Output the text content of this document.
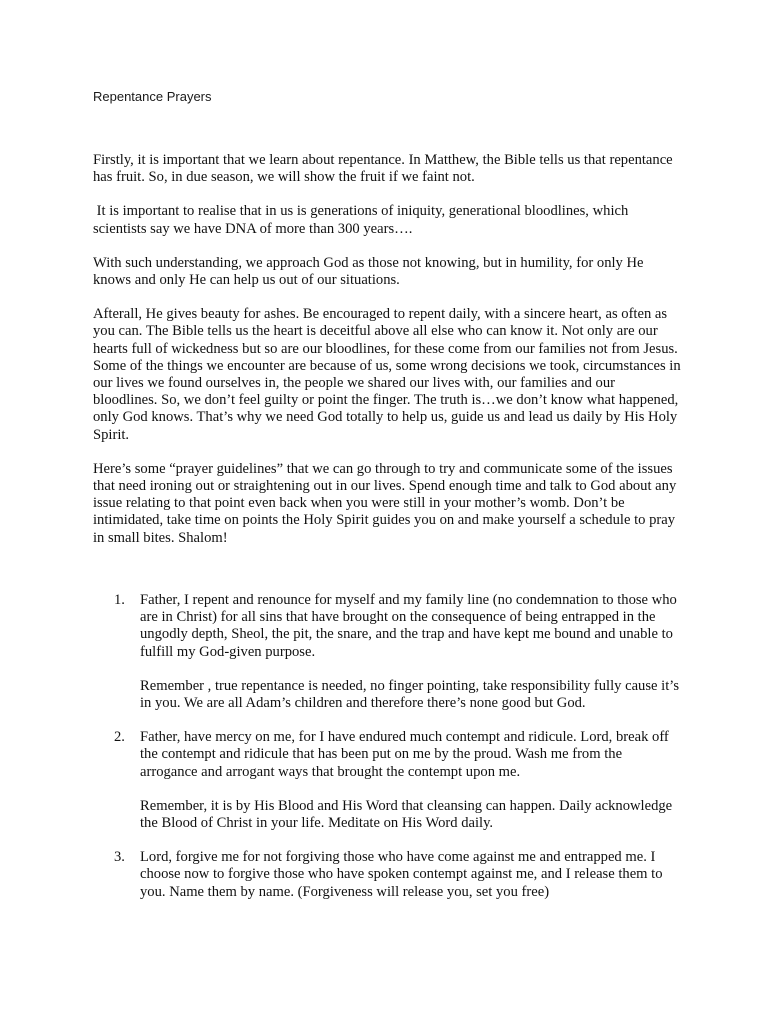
Repentance Prayers

Firstly, it is important that we learn about repentance. In Matthew, the Bible tells us that repentance has fruit. So, in due season, we will show the fruit if we faint not.

It is important to realise that in us is generations of iniquity, generational bloodlines, which scientists say we have DNA of more than 300 years….

With such understanding, we approach God as those not knowing, but in humility, for only He knows and only He can help us out of our situations.

Afterall, He gives beauty for ashes. Be encouraged to repent daily, with a sincere heart, as often as you can. The Bible tells us the heart is deceitful above all else who can know it. Not only are our hearts full of wickedness but so are our bloodlines, for these come from our families not from Jesus. Some of the things we encounter are because of us, some wrong decisions we took, circumstances in our lives we found ourselves in, the people we shared our lives with, our families and our bloodlines. So, we don’t feel guilty or point the finger. The truth is…we don’t know what happened, only God knows. That’s why we need God totally to help us, guide us and lead us daily by His Holy Spirit.

Here’s some “prayer guidelines” that we can go through to try and communicate some of the issues that need ironing out or straightening out in our lives. Spend enough time and talk to God about any issue relating to that point even back when you were still in your mother’s womb. Don’t be intimidated, take time on points the Holy Spirit guides you on and make yourself a schedule to pray in small bites. Shalom!

1. Father, I repent and renounce for myself and my family line (no condemnation to those who are in Christ) for all sins that have brought on the consequence of being entrapped in the ungodly depth, Sheol, the pit, the snare, and the trap and have kept me bound and unable to fulfill my God-given purpose.

Remember , true repentance is needed, no finger pointing, take responsibility fully cause it’s in you. We are all Adam’s children and therefore there’s none good but God.

2. Father, have mercy on me, for I have endured much contempt and ridicule. Lord, break off the contempt and ridicule that has been put on me by the proud. Wash me from the arrogance and arrogant ways that brought the contempt upon me.

Remember, it is by His Blood and His Word that cleansing can happen. Daily acknowledge the Blood of Christ in your life. Meditate on His Word daily.

3. Lord, forgive me for not forgiving those who have come against me and entrapped me. I choose now to forgive those who have spoken contempt against me, and I release them to you. Name them by name. (Forgiveness will release you, set you free)
